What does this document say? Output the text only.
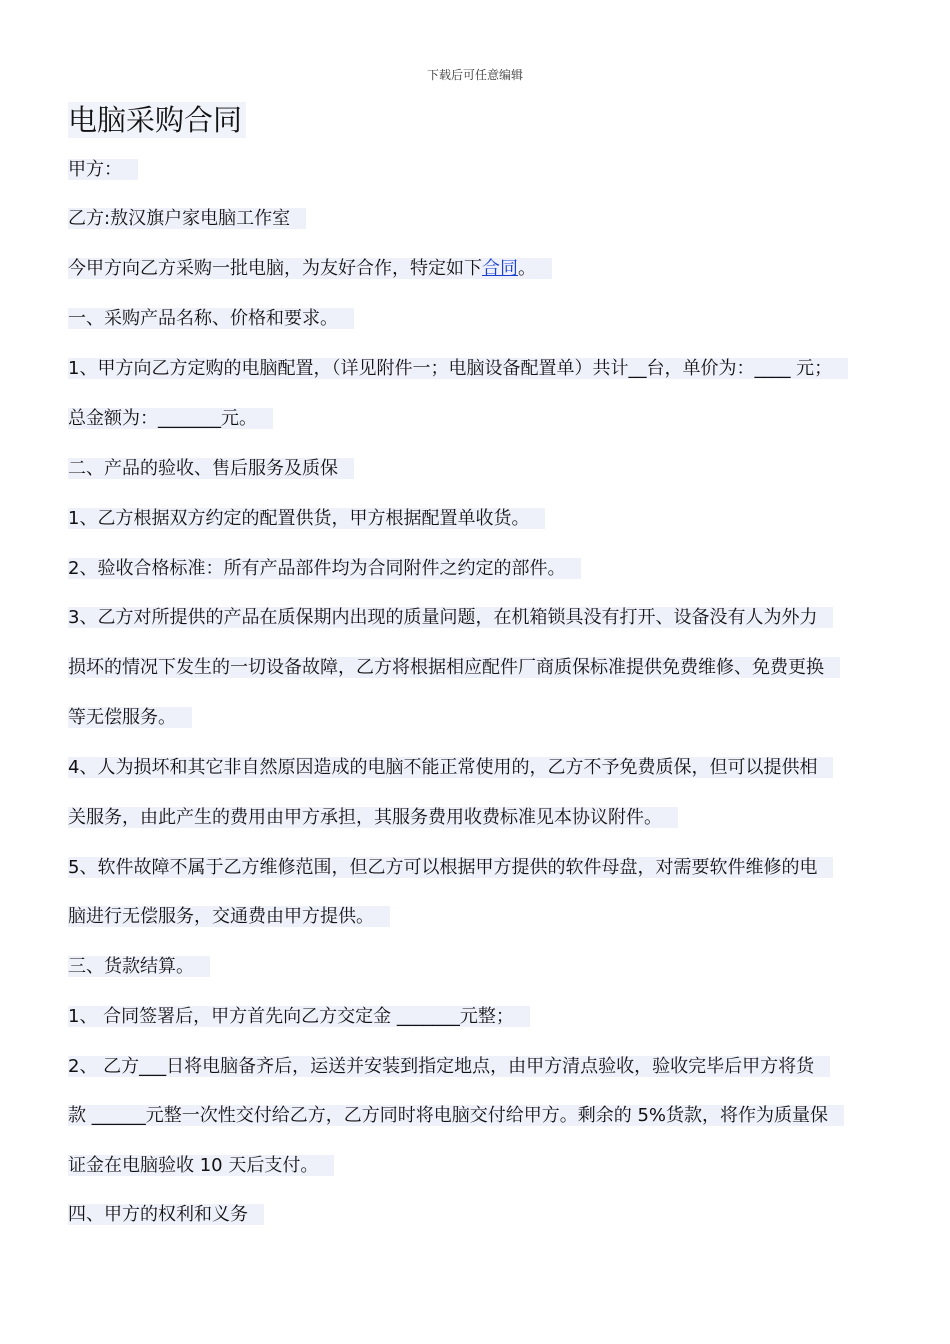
下载后可任意编辑
电脑采购合同
甲方：
乙方:敖汉旗户家电脑工作室
今甲方向乙方采购一批电脑，为友好合作，特定如下合同。
一、采购产品名称、价格和要求。
1、甲方向乙方定购的电脑配置，（详见附件一；电脑设备配置单）共计__台，单价为：____ 元；
总金额为：_______元。
二、产品的验收、售后服务及质保
1、乙方根据双方约定的配置供货，甲方根据配置单收货。
2、验收合格标准：所有产品部件均为合同附件之约定的部件。
3、乙方对所提供的产品在质保期内出现的质量问题，在机箱锁具没有打开、设备没有人为外力
损坏的情况下发生的一切设备故障，乙方将根据相应配件厂商质保标准提供免费维修、免费更换
等无偿服务。
4、人为损坏和其它非自然原因造成的电脑不能正常使用的，乙方不予免费质保，但可以提供相
关服务，由此产生的费用由甲方承担，其服务费用收费标准见本协议附件。
5、软件故障不属于乙方维修范围，但乙方可以根据甲方提供的软件母盘，对需要软件维修的电
脑进行无偿服务，交通费由甲方提供。
三、货款结算。
1、 合同签署后，甲方首先向乙方交定金 _______元整；
2、 乙方___日将电脑备齐后，运送并安装到指定地点，由甲方清点验收，验收完毕后甲方将货
款 ______元整一次性交付给乙方，乙方同时将电脑交付给甲方。剩余的 5%货款，将作为质量保
证金在电脑验收 10 天后支付。
四、甲方的权利和义务
